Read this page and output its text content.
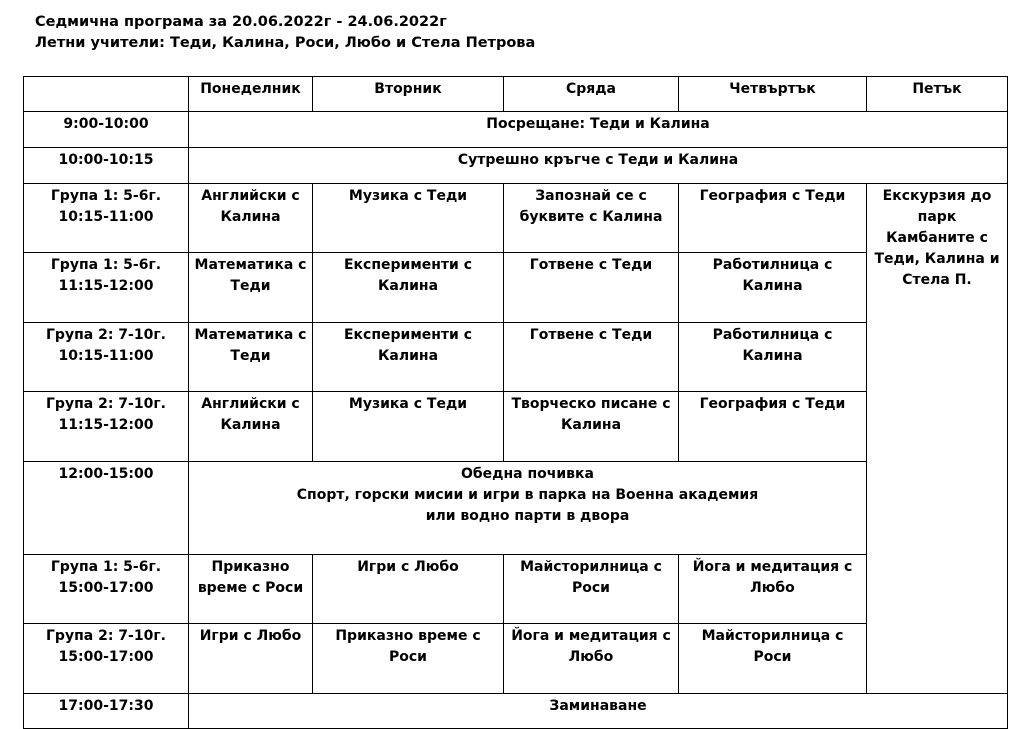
Седмична програма за 20.06.2022г - 24.06.2022г
Летни учители: Теди, Калина, Роси, Любо и Стела Петрова
	Понеделник	Вторник	Сряда	Четвъртък	Петък
9:00-10:00	Посрещане: Теди и Калина				
10:00-10:15	Сутрешно кръгче с Теди и Калина				
Група 1: 5-6г. 10:15-11:00	Английски с Калина	Музика с Теди	Запознай се с буквите с Калина	География с Теди	Екскурзия до парк Камбаните с Теди, Калина и Стела П.

Група 1: 5-6г. 11:15-12:00	Математика с Теди	Експерименти с Калина	Готвене с Теди	Работилница с Калина	
Група 2: 7-10г. 10:15-11:00	Математика с Теди	Експерименти с Калина	Готвене с Теди	Работилница с Калина	
Група 2: 7-10г. 11:15-12:00	Английски с Калина	Музика с Теди	Творческо писане с Калина	География с Теди	
12:00-15:00	Обедна почивка
Спорт, горски мисии и игри в парка на Военна академия
или водно парти в двора				

Група 1: 5-6г. 15:00-17:00	Приказно време с Роси	Игри с Любо	Майсторилница с Роси	Йога и медитация с Любо	
Група 2: 7-10г. 15:00-17:00	Игри с Любо	Приказно време с Роси	Йога и медитация с Любо	Майсторилница с Роси	
17:00-17:30	Заминаване				
